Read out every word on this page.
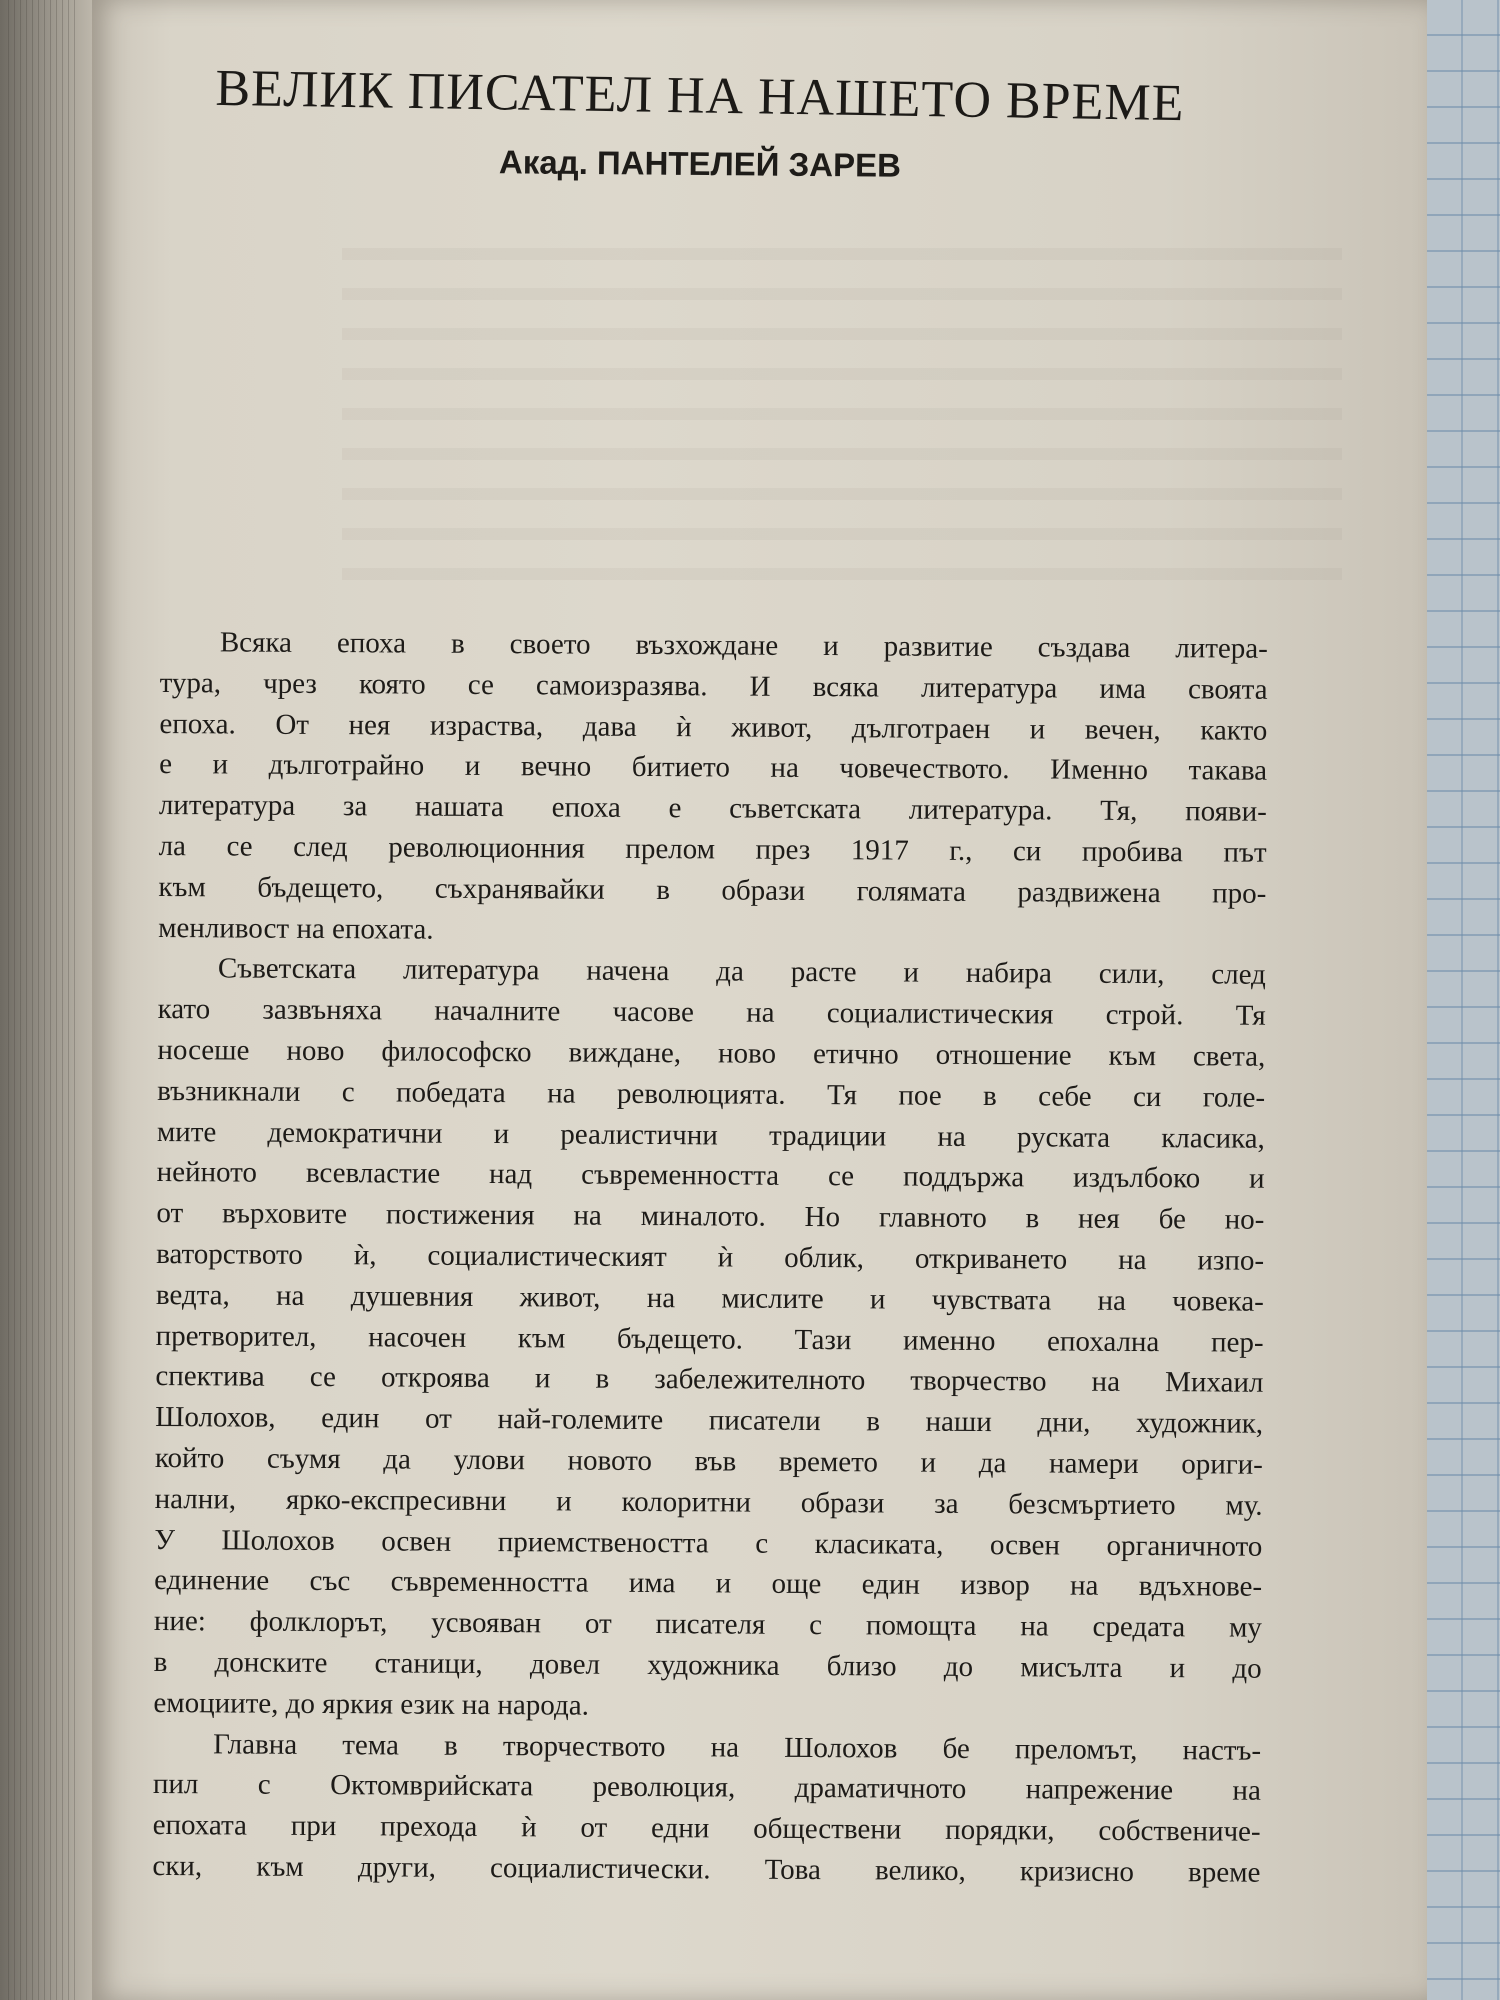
ВЕЛИК ПИСАТЕЛ НА НАШЕТО ВРЕМЕ
Акад. ПАНТЕЛЕЙ ЗАРЕВ
Всяка епоха в своето възхождане и развитие създава литера-
тура, чрез която се самоизразява. И всяка литература има своята
епоха. От нея израства, дава ѝ живот, дълготраен и вечен, както
е и дълготрайно и вечно битието на човечеството. Именно такава
литература за нашата епоха е съветската литература. Тя, появи-
ла се след революционния прелом през 1917 г., си пробива път
към бъдещето, съхранявайки в образи голямата раздвижена про-
менливост на епохата.
Съветската литература начена да расте и набира сили, след
като зазвъняха началните часове на социалистическия строй. Тя
носеше ново философско виждане, ново етично отношение към света,
възникнали с победата на революцията. Тя пое в себе си голе-
мите демократични и реалистични традиции на руската класика,
нейното всевластие над съвременността се поддържа издълбоко и
от върховите постижения на миналото. Но главното в нея бе но-
ваторството ѝ, социалистическият ѝ облик, откриването на изпо-
ведта, на душевния живот, на мислите и чувствата на човека-
претворител, насочен към бъдещето. Тази именно епохална пер-
спектива се откроява и в забележителното творчество на Михаил
Шолохов, един от най-големите писатели в наши дни, художник,
който съумя да улови новото във времето и да намери ориги-
нални, ярко-експресивни и колоритни образи за безсмъртието му.
У Шолохов освен приемствеността с класиката, освен органичното
единение със съвременността има и още един извор на вдъхнове-
ние: фолклорът, усвояван от писателя с помощта на средата му
в донските станици, довел художника близо до мисълта и до
емоциите, до яркия език на народа.
Главна тема в творчеството на Шолохов бе преломът, настъ-
пил с Октомврийската революция, драматичното напрежение на
епохата при прехода ѝ от едни обществени порядки, собственичe-
ски, към други, социалистически. Това велико, кризисно време
